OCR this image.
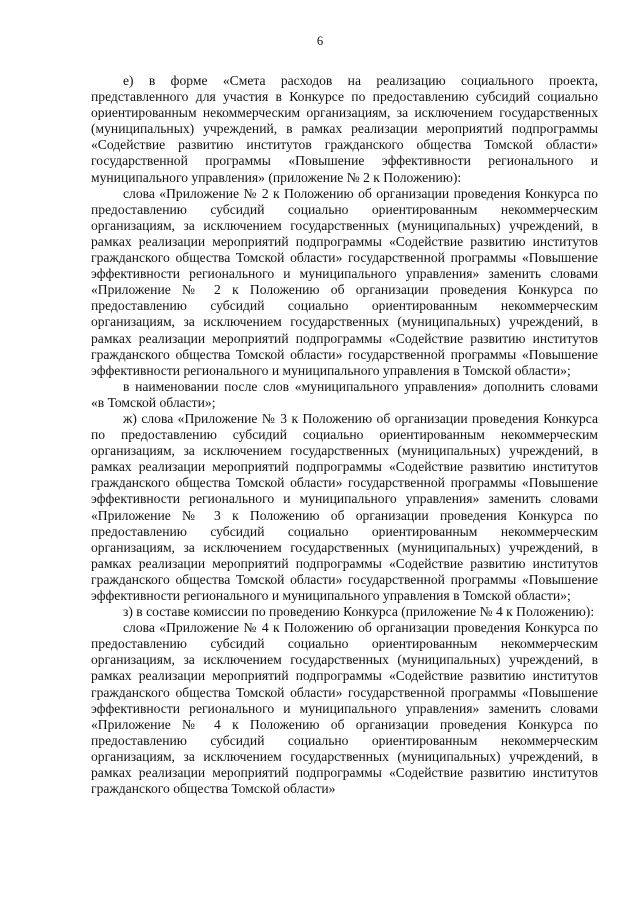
6

е) в форме «Смета расходов на реализацию социального проекта, представленного для участия в Конкурсе по предоставлению субсидий социально ориентированным некоммерческим организациям, за исключением государственных (муниципальных) учреждений, в рамках реализации мероприятий подпрограммы «Содействие развитию институтов гражданского общества Томской области» государственной программы «Повышение эффективности регионального и муниципального управления» (приложение № 2 к Положению):

слова «Приложение № 2 к Положению об организации проведения Конкурса по предоставлению субсидий социально ориентированным некоммерческим организациям, за исключением государственных (муниципальных) учреждений, в рамках реализации мероприятий подпрограммы «Содействие развитию институтов гражданского общества Томской области» государственной программы «Повышение эффективности регионального и муниципального управления» заменить словами «Приложение № 2 к Положению об организации проведения Конкурса по предоставлению субсидий социально ориентированным некоммерческим организациям, за исключением государственных (муниципальных) учреждений, в рамках реализации мероприятий подпрограммы «Содействие развитию институтов гражданского общества Томской области» государственной программы «Повышение эффективности регионального и муниципального управления в Томской области»;

в наименовании после слов «муниципального управления» дополнить словами «в Томской области»;

ж) слова «Приложение № 3 к Положению об организации проведения Конкурса по предоставлению субсидий социально ориентированным некоммерческим организациям, за исключением государственных (муниципальных) учреждений, в рамках реализации мероприятий подпрограммы «Содействие развитию институтов гражданского общества Томской области» государственной программы «Повышение эффективности регионального и муниципального управления» заменить словами «Приложение № 3 к Положению об организации проведения Конкурса по предоставлению субсидий социально ориентированным некоммерческим организациям, за исключением государственных (муниципальных) учреждений, в рамках реализации мероприятий подпрограммы «Содействие развитию институтов гражданского общества Томской области» государственной программы «Повышение эффективности регионального и муниципального управления в Томской области»;

з) в составе комиссии по проведению Конкурса (приложение № 4 к Положению):

слова «Приложение № 4 к Положению об организации проведения Конкурса по предоставлению субсидий социально ориентированным некоммерческим организациям, за исключением государственных (муниципальных) учреждений, в рамках реализации мероприятий подпрограммы «Содействие развитию институтов гражданского общества Томской области» государственной программы «Повышение эффективности регионального и муниципального управления» заменить словами «Приложение № 4 к Положению об организации проведения Конкурса по предоставлению субсидий социально ориентированным некоммерческим организациям, за исключением государственных (муниципальных) учреждений, в рамках реализации мероприятий подпрограммы «Содействие развитию институтов гражданского общества Томской области»
